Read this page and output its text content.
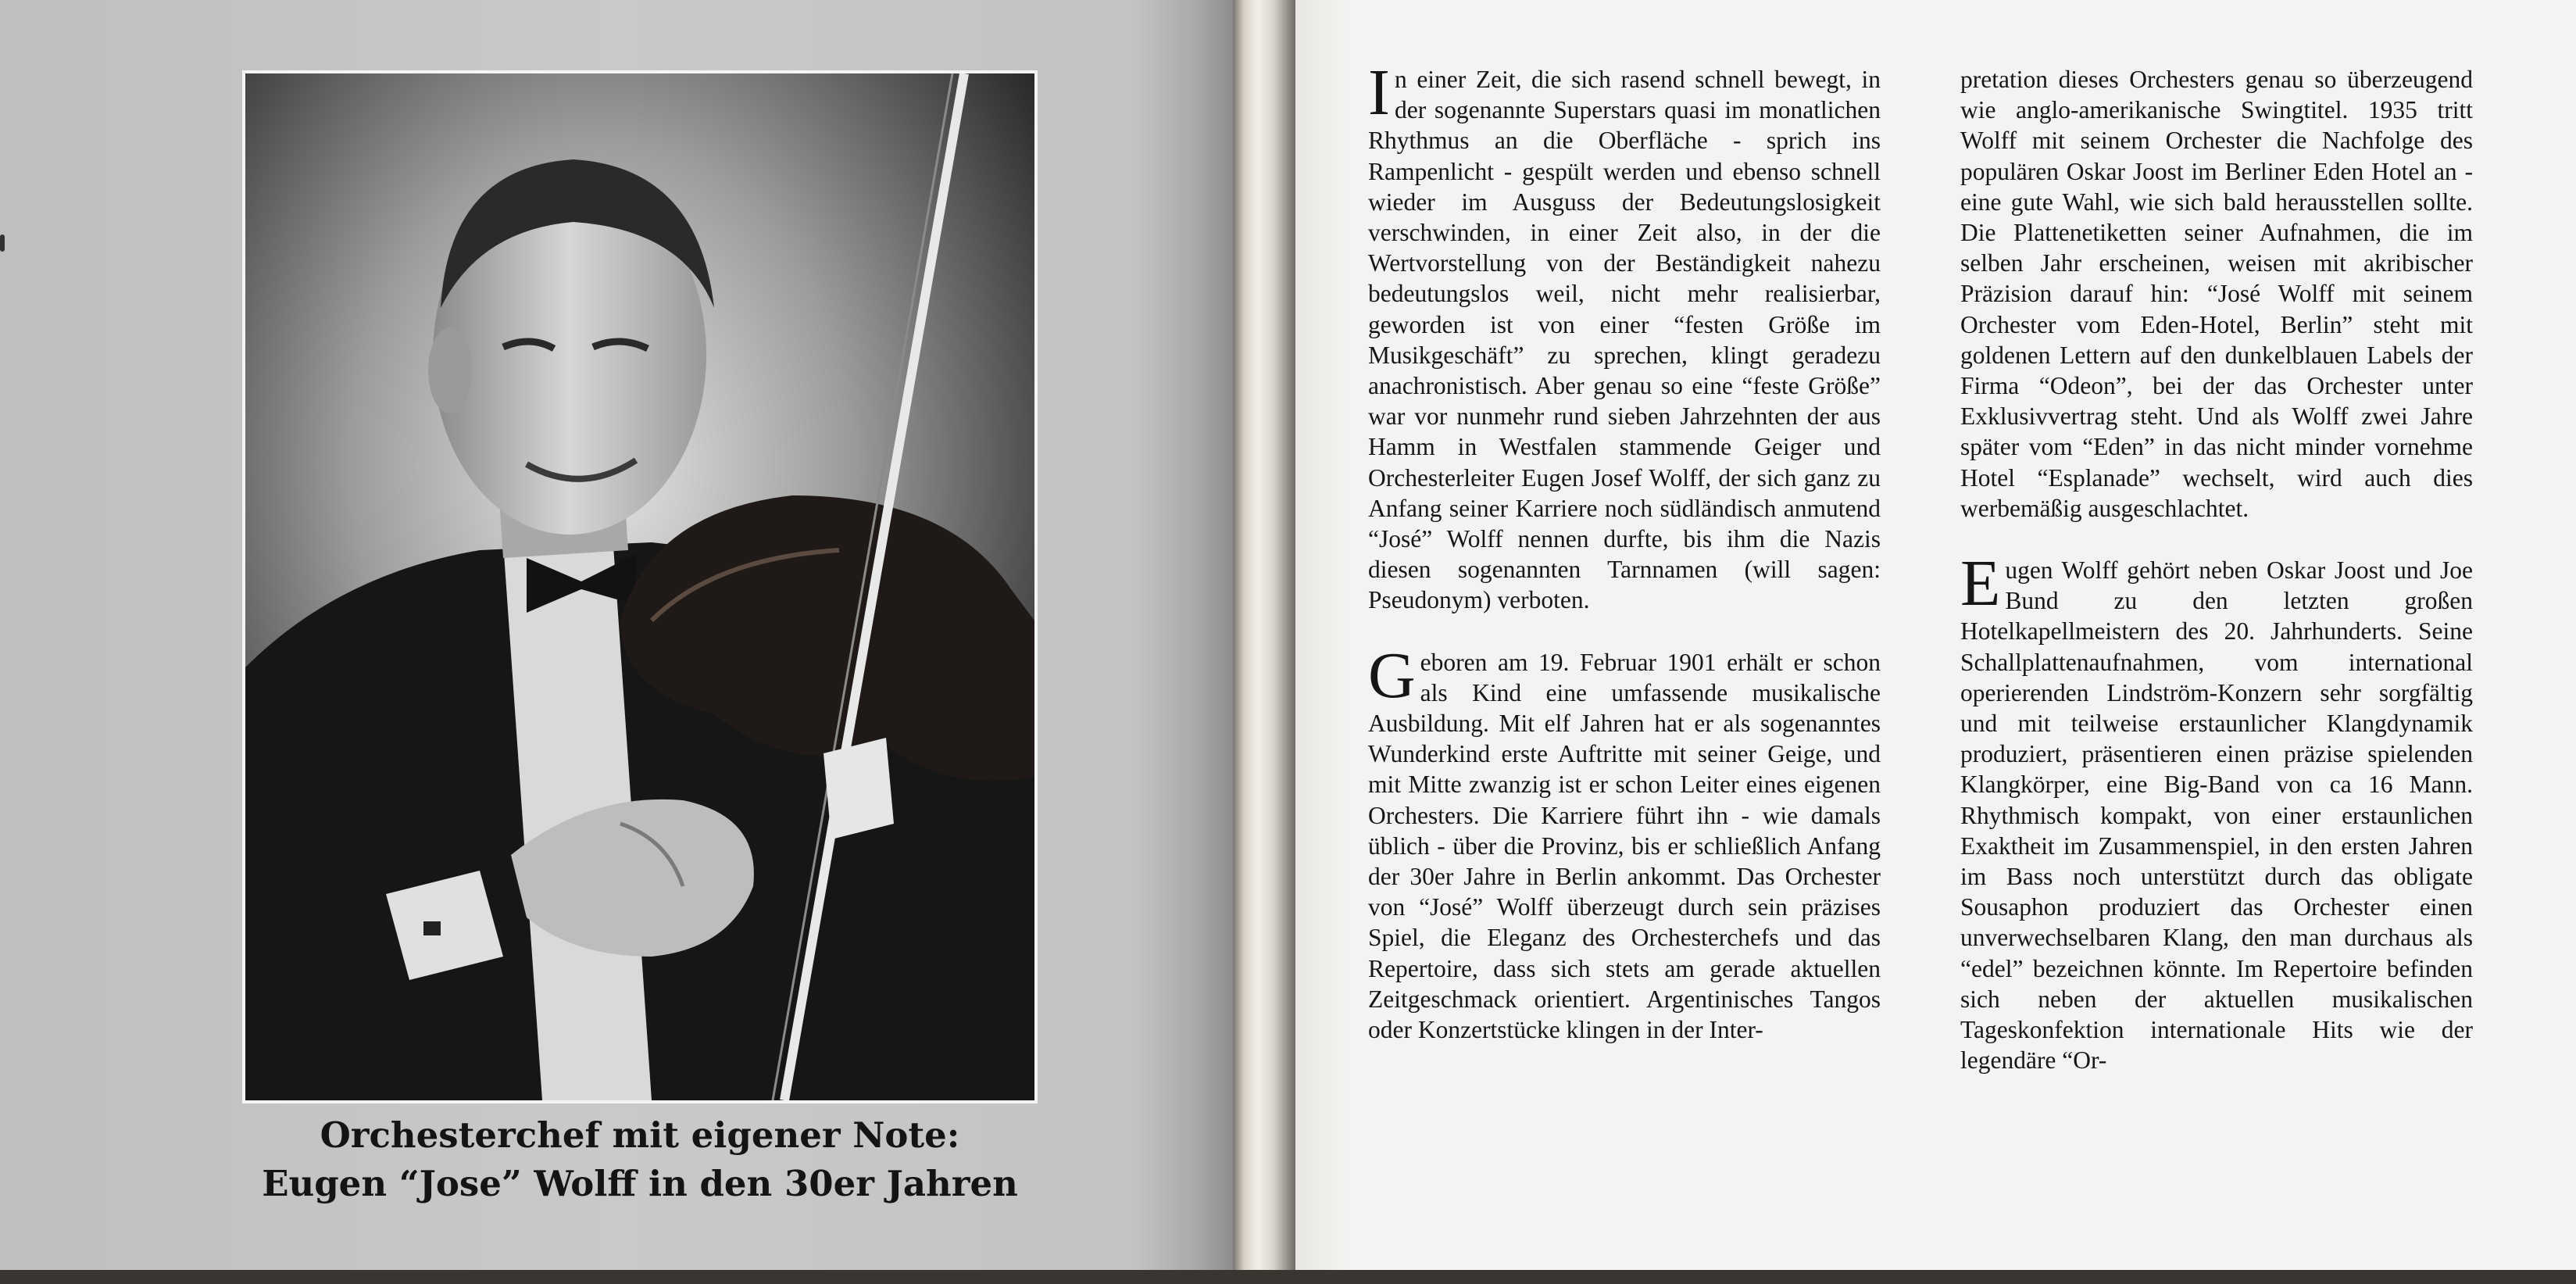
Orchesterchef mit eigener Note:
Eugen “Jose” Wolff in den 30er Jahren

In einer Zeit, die sich rasend schnell bewegt, in der sogenannte Superstars quasi im monatlichen Rhythmus an die Oberfläche - sprich ins Rampenlicht - gespült werden und ebenso schnell wieder im Ausguss der Bedeutungslosigkeit verschwinden, in einer Zeit also, in der die Wertvorstellung von der Beständigkeit nahezu bedeutungslos weil, nicht mehr realisierbar, geworden ist von einer “festen Größe im Musikgeschäft” zu sprechen, klingt geradezu anachronistisch. Aber genau so eine “feste Größe” war vor nunmehr rund sieben Jahrzehnten der aus Hamm in Westfalen stammende Geiger und Orchesterleiter Eugen Josef Wolff, der sich ganz zu Anfang seiner Karriere noch südländisch anmutend “José” Wolff nennen durfte, bis ihm die Nazis diesen sogenannten Tarnnamen (will sagen: Pseudonym) verboten.

Geboren am 19. Februar 1901 erhält er schon als Kind eine umfassende musikalische Ausbildung. Mit elf Jahren hat er als sogenanntes Wunderkind erste Auftritte mit seiner Geige, und mit Mitte zwanzig ist er schon Leiter eines eigenen Orchesters. Die Karriere führt ihn - wie damals üblich - über die Provinz, bis er schließlich Anfang der 30er Jahre in Berlin ankommt. Das Orchester von “José” Wolff überzeugt durch sein präzises Spiel, die Eleganz des Orchesterchefs und das Repertoire, dass sich stets am gerade aktuellen Zeitgeschmack orientiert. Argentinisches Tangos oder Konzertstücke klingen in der Inter-

pretation dieses Orchesters genau so überzeugend wie anglo-amerikanische Swingtitel. 1935 tritt Wolff mit seinem Orchester die Nachfolge des populären Oskar Joost im Berliner Eden Hotel an - eine gute Wahl, wie sich bald herausstellen sollte. Die Plattenetiketten seiner Aufnahmen, die im selben Jahr erscheinen, weisen mit akribischer Präzision darauf hin: “José Wolff mit seinem Orchester vom Eden-Hotel, Berlin” steht mit goldenen Lettern auf den dunkelblauen Labels der Firma “Odeon”, bei der das Orchester unter Exklusivvertrag steht. Und als Wolff zwei Jahre später vom “Eden” in das nicht minder vornehme Hotel “Esplanade” wechselt, wird auch dies werbemäßig ausgeschlachtet.

Eugen Wolff gehört neben Oskar Joost und Joe Bund zu den letzten großen Hotelkapellmeistern des 20. Jahrhunderts. Seine Schallplattenaufnahmen, vom international operierenden Lindström-Konzern sehr sorgfältig und mit teilweise erstaunlicher Klangdynamik produziert, präsentieren einen präzise spielenden Klangkörper, eine Big-Band von ca 16 Mann. Rhythmisch kompakt, von einer erstaunlichen Exaktheit im Zusammenspiel, in den ersten Jahren im Bass noch unterstützt durch das obligate Sousaphon produziert das Orchester einen unverwechselbaren Klang, den man durchaus als “edel” bezeichnen könnte. Im Repertoire befinden sich neben der aktuellen musikalischen Tageskonfektion internationale Hits wie der legendäre “Or-
